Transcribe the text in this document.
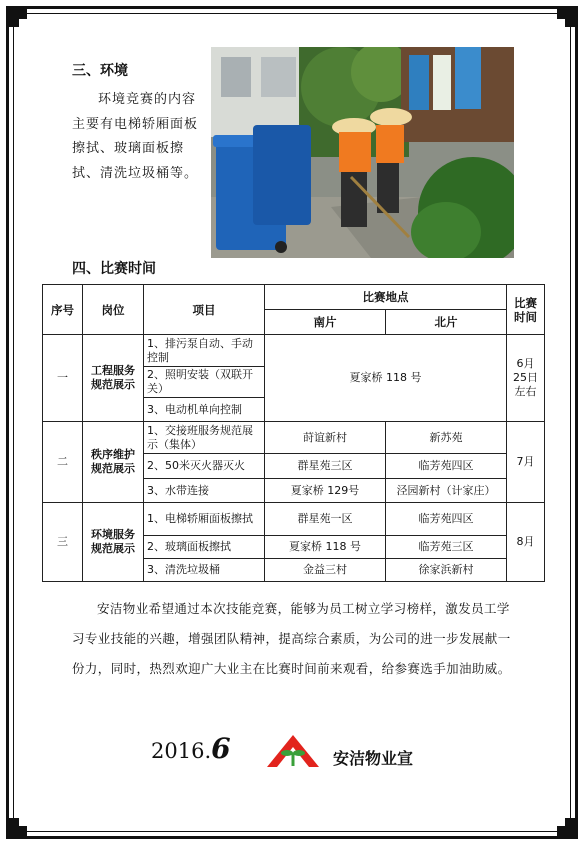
三、环境
环境竞赛的内容主要有电梯轿厢面板擦拭、玻璃面板擦拭、清洗垃圾桶等。
四、比赛时间
序号	岗位	项目	比赛地点		比赛时间
			南片	北片	
一	工程服务规范展示	1、排污泵自动、手动控制	夏家桥 118 号		6月25日左右
		2、照明安装（双联开关）			
		3、电动机单向控制			
二	秩序维护规范展示	1、交接班服务规范展示（集体）	莳谊新村	新苏苑	7月
		2、50米灭火器灭火	群星苑三区	临芳苑四区	
		3、水带连接	夏家桥 129号	泾园新村（计家庄）	
三	环境服务规范展示	1、电梯轿厢面板擦拭	群星苑一区	临芳苑四区	8月
		2、玻璃面板擦拭	夏家桥 118 号	临芳苑三区	
		3、清洗垃圾桶	金益三村	徐家浜新村	
安洁物业希望通过本次技能竞赛，能够为员工树立学习榜样，激发员工学习专业技能的兴趣，增强团队精神，提高综合素质，为公司的进一步发展献一份力，同时，热烈欢迎广大业主在比赛时间前来观看，给参赛选手加油助威。
2016.6	安洁物业宣
